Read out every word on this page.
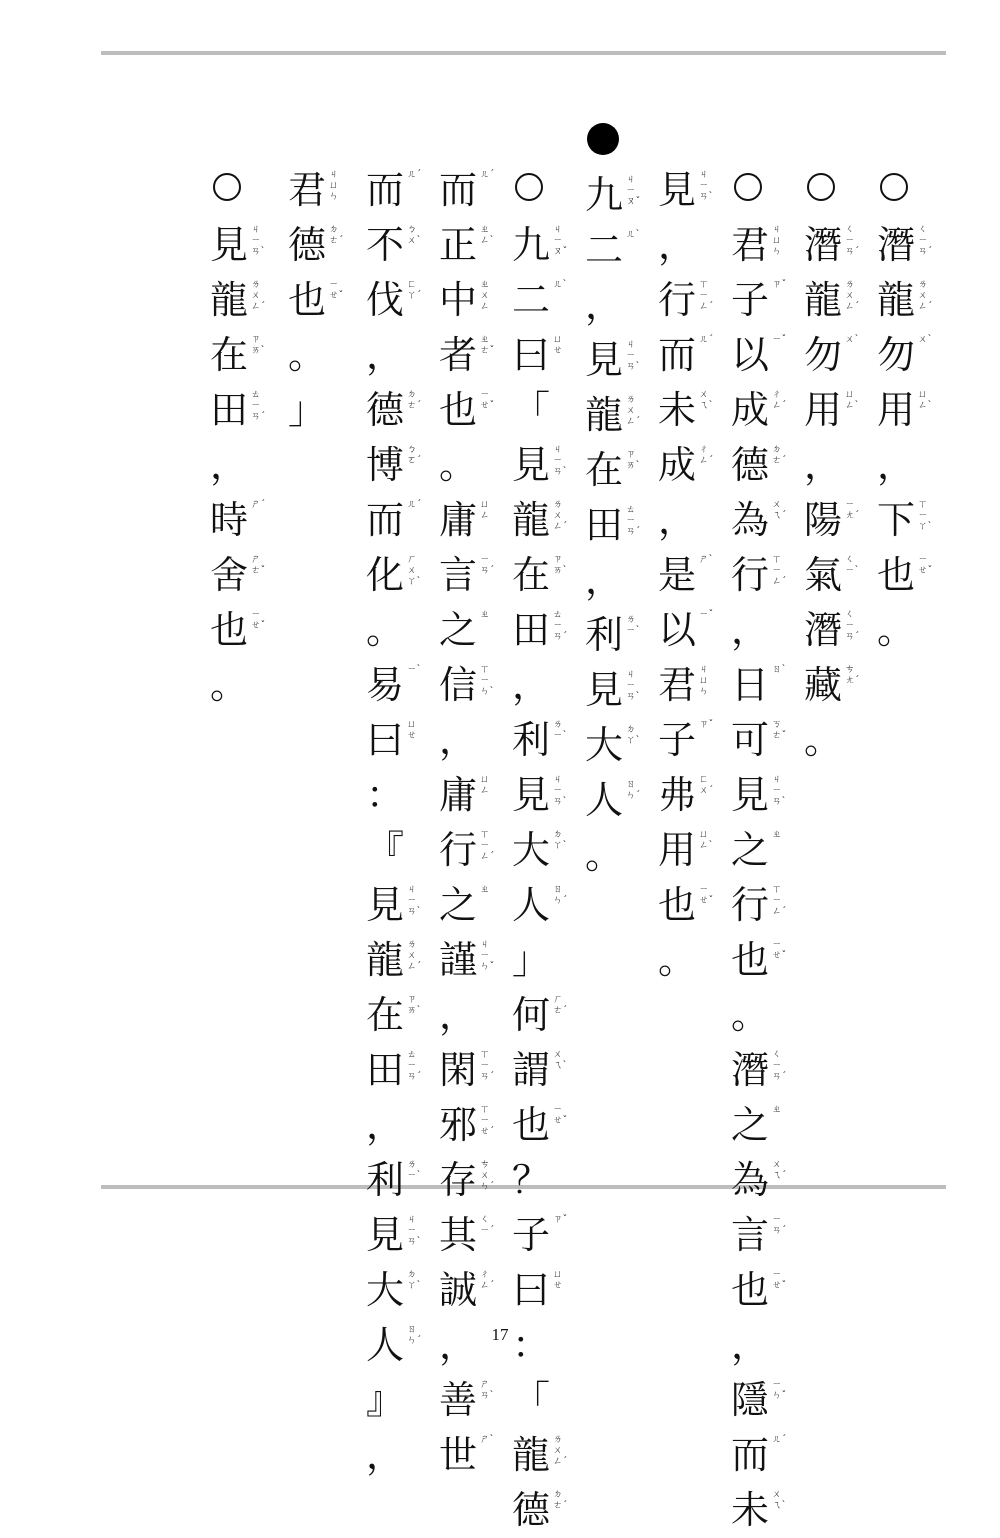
潛 ㄑ
ㄧ
ㄢˊ
龍 ㄌ
ㄨ
ㄥˊ
勿 ㄨˋ
用 ㄩ
ㄥˋ
，
下 ㄒ
ㄧ
ㄚˋ
也 ㄧ
ㄝˇ
。
潛 ㄑ
ㄧ
ㄢˊ
龍 ㄌ
ㄨ
ㄥˊ
勿 ㄨˋ
用 ㄩ
ㄥˋ
，
陽 ㄧ
ㄤˊ
氣 ㄑ
ㄧˋ
潛 ㄑ
ㄧ
ㄢˊ
藏 ㄘ
ㄤˊ
。
君 ㄐ
ㄩ
ㄣ
子 ㄗˇ
以 ㄧˇ
成 ㄔ
ㄥˊ
德 ㄉ
ㄜˊ
為 ㄨ
ㄟˊ
行 ㄒ
ㄧ
ㄥˊ
，
日 ㄖˋ
可 ㄎ
ㄜˇ
見 ㄐ
ㄧ
ㄢˋ
之 ㄓ
行 ㄒ
ㄧ
ㄥˊ
也 ㄧ
ㄝˇ
。
潛 ㄑ
ㄧ
ㄢˊ
之 ㄓ
為 ㄨ
ㄟˊ
言 ㄧ
ㄢˊ
也 ㄧ
ㄝˇ
，
隱 ㄧ
ㄣˇ
而 ㄦˊ
未 ㄨ
ㄟˋ
見 ㄐ
ㄧ
ㄢˋ
，
行 ㄒ
ㄧ
ㄥˊ
而 ㄦˊ
未 ㄨ
ㄟˋ
成 ㄔ
ㄥˊ
，
是 ㄕˋ
以 ㄧˇ
君 ㄐ
ㄩ
ㄣ
子 ㄗˇ
弗 ㄈ
ㄨˊ
用 ㄩ
ㄥˋ
也 ㄧ
ㄝˇ
。
九 ㄐ
ㄧ
ㄡˇ
二 ㄦˋ
，
見 ㄐ
ㄧ
ㄢˋ
龍 ㄌ
ㄨ
ㄥˊ
在 ㄗ
ㄞˋ
田 ㄊ
ㄧ
ㄢˊ
，
利 ㄌ
ㄧˋ
見 ㄐ
ㄧ
ㄢˋ
大 ㄉ
ㄚˋ
人 ㄖ
ㄣˊ
。
九 ㄐ
ㄧ
ㄡˇ
二 ㄦˋ
曰 ㄩ
ㄝ
「
見 ㄐ
ㄧ
ㄢˋ
龍 ㄌ
ㄨ
ㄥˊ
在 ㄗ
ㄞˋ
田 ㄊ
ㄧ
ㄢˊ
，
利 ㄌ
ㄧˋ
見 ㄐ
ㄧ
ㄢˋ
大 ㄉ
ㄚˋ
人 ㄖ
ㄣˊ
」
何 ㄏ
ㄜˊ
謂 ㄨ
ㄟˋ
也 ㄧ
ㄝˇ
？
子 ㄗˇ
曰 ㄩ
ㄝ
：
「
龍 ㄌ
ㄨ
ㄥˊ
德 ㄉ
ㄜˊ
而 ㄦˊ
正 ㄓ
ㄥˋ
中 ㄓ
ㄨ
ㄥ
者 ㄓ
ㄜˇ
也 ㄧ
ㄝˇ
。
庸 ㄩ
ㄥ
言 ㄧ
ㄢˊ
之 ㄓ
信 ㄒ
ㄧ
ㄣˋ
，
庸 ㄩ
ㄥ
行 ㄒ
ㄧ
ㄥˊ
之 ㄓ
謹 ㄐ
ㄧ
ㄣˇ
，
閑 ㄒ
ㄧ
ㄢˊ
邪 ㄒ
ㄧ
ㄝˊ
存 ㄘ
ㄨ
ㄣˊ
其 ㄑ
ㄧˊ
誠 ㄔ
ㄥˊ
，
善 ㄕ
ㄢˋ
世 ㄕˋ
而 ㄦˊ
不 ㄅ
ㄨˋ
伐 ㄈ
ㄚˊ
，
德 ㄉ
ㄜˊ
博 ㄅ
ㄛˊ
而 ㄦˊ
化 ㄏ
ㄨ
ㄚˋ
。
易 ㄧˋ
曰 ㄩ
ㄝ
：
『
見 ㄐ
ㄧ
ㄢˋ
龍 ㄌ
ㄨ
ㄥˊ
在 ㄗ
ㄞˋ
田 ㄊ
ㄧ
ㄢˊ
，
利 ㄌ
ㄧˋ
見 ㄐ
ㄧ
ㄢˋ
大 ㄉ
ㄚˋ
人 ㄖ
ㄣˊ
』
，
君 ㄐ
ㄩ
ㄣ
德 ㄉ
ㄜˊ
也 ㄧ
ㄝˇ
。
」
見 ㄐ
ㄧ
ㄢˋ
龍 ㄌ
ㄨ
ㄥˊ
在 ㄗ
ㄞˋ
田 ㄊ
ㄧ
ㄢˊ
，
時 ㄕˊ
舍 ㄕ
ㄜˇ
也 ㄧ
ㄝˇ
。
17
